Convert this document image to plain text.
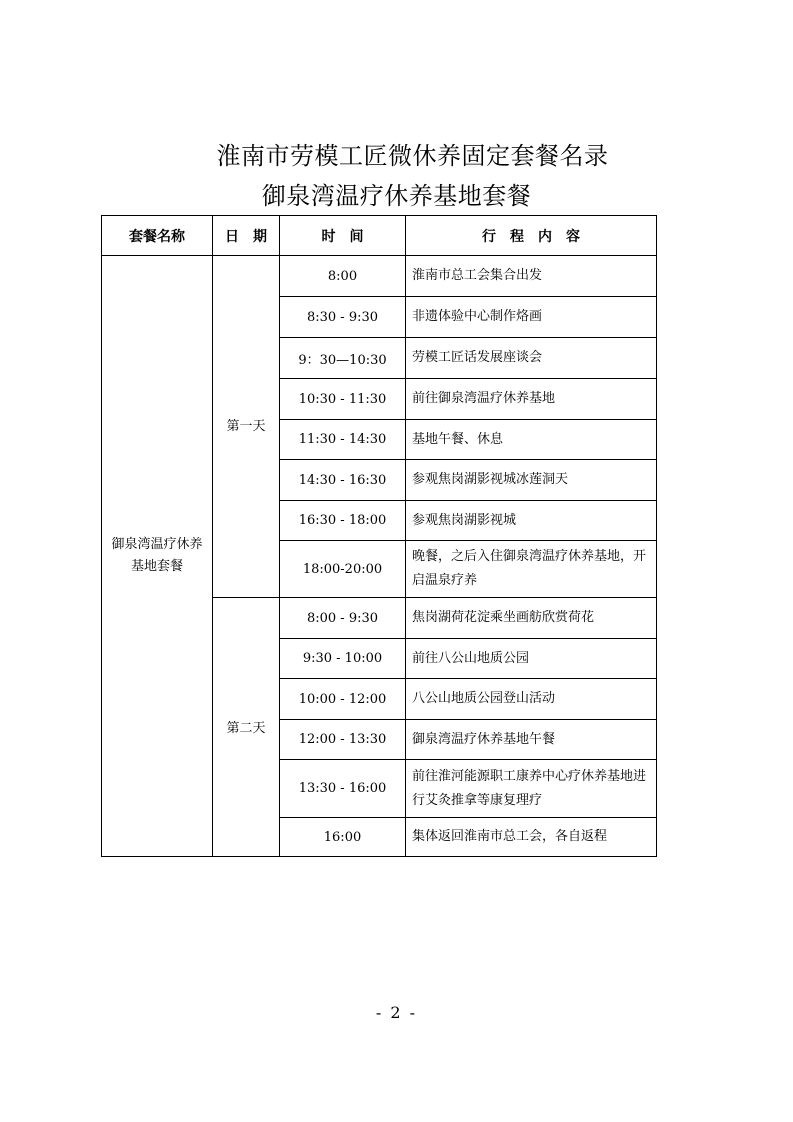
淮南市劳模工匠微休养固定套餐名录
御泉湾温疗休养基地套餐
套餐名称	日　期	时　间	行　程　内　容
御泉湾温疗休养基地套餐	第一天	8:00	淮南市总工会集合出发
		8:30 - 9:30	非遗体验中心制作烙画
		9：30—10:30	劳模工匠话发展座谈会
		10:30 - 11:30	前往御泉湾温疗休养基地
		11:30 - 14:30	基地午餐、休息
		14:30 - 16:30	参观焦岗湖影视城冰莲洞天
		16:30 - 18:00	参观焦岗湖影视城
		18:00-20:00	晚餐，之后入住御泉湾温疗休养基地，开启温泉疗养

	第二天	8:00 - 9:30	焦岗湖荷花淀乘坐画舫欣赏荷花
		9:30 - 10:00	前往八公山地质公园
		10:00 - 12:00	八公山地质公园登山活动
		12:00 - 13:30	御泉湾温疗休养基地午餐
		13:30 - 16:00	前往淮河能源职工康养中心疗休养基地进行艾灸推拿等康复理疗
		16:00	集体返回淮南市总工会，各自返程
- 2 -
